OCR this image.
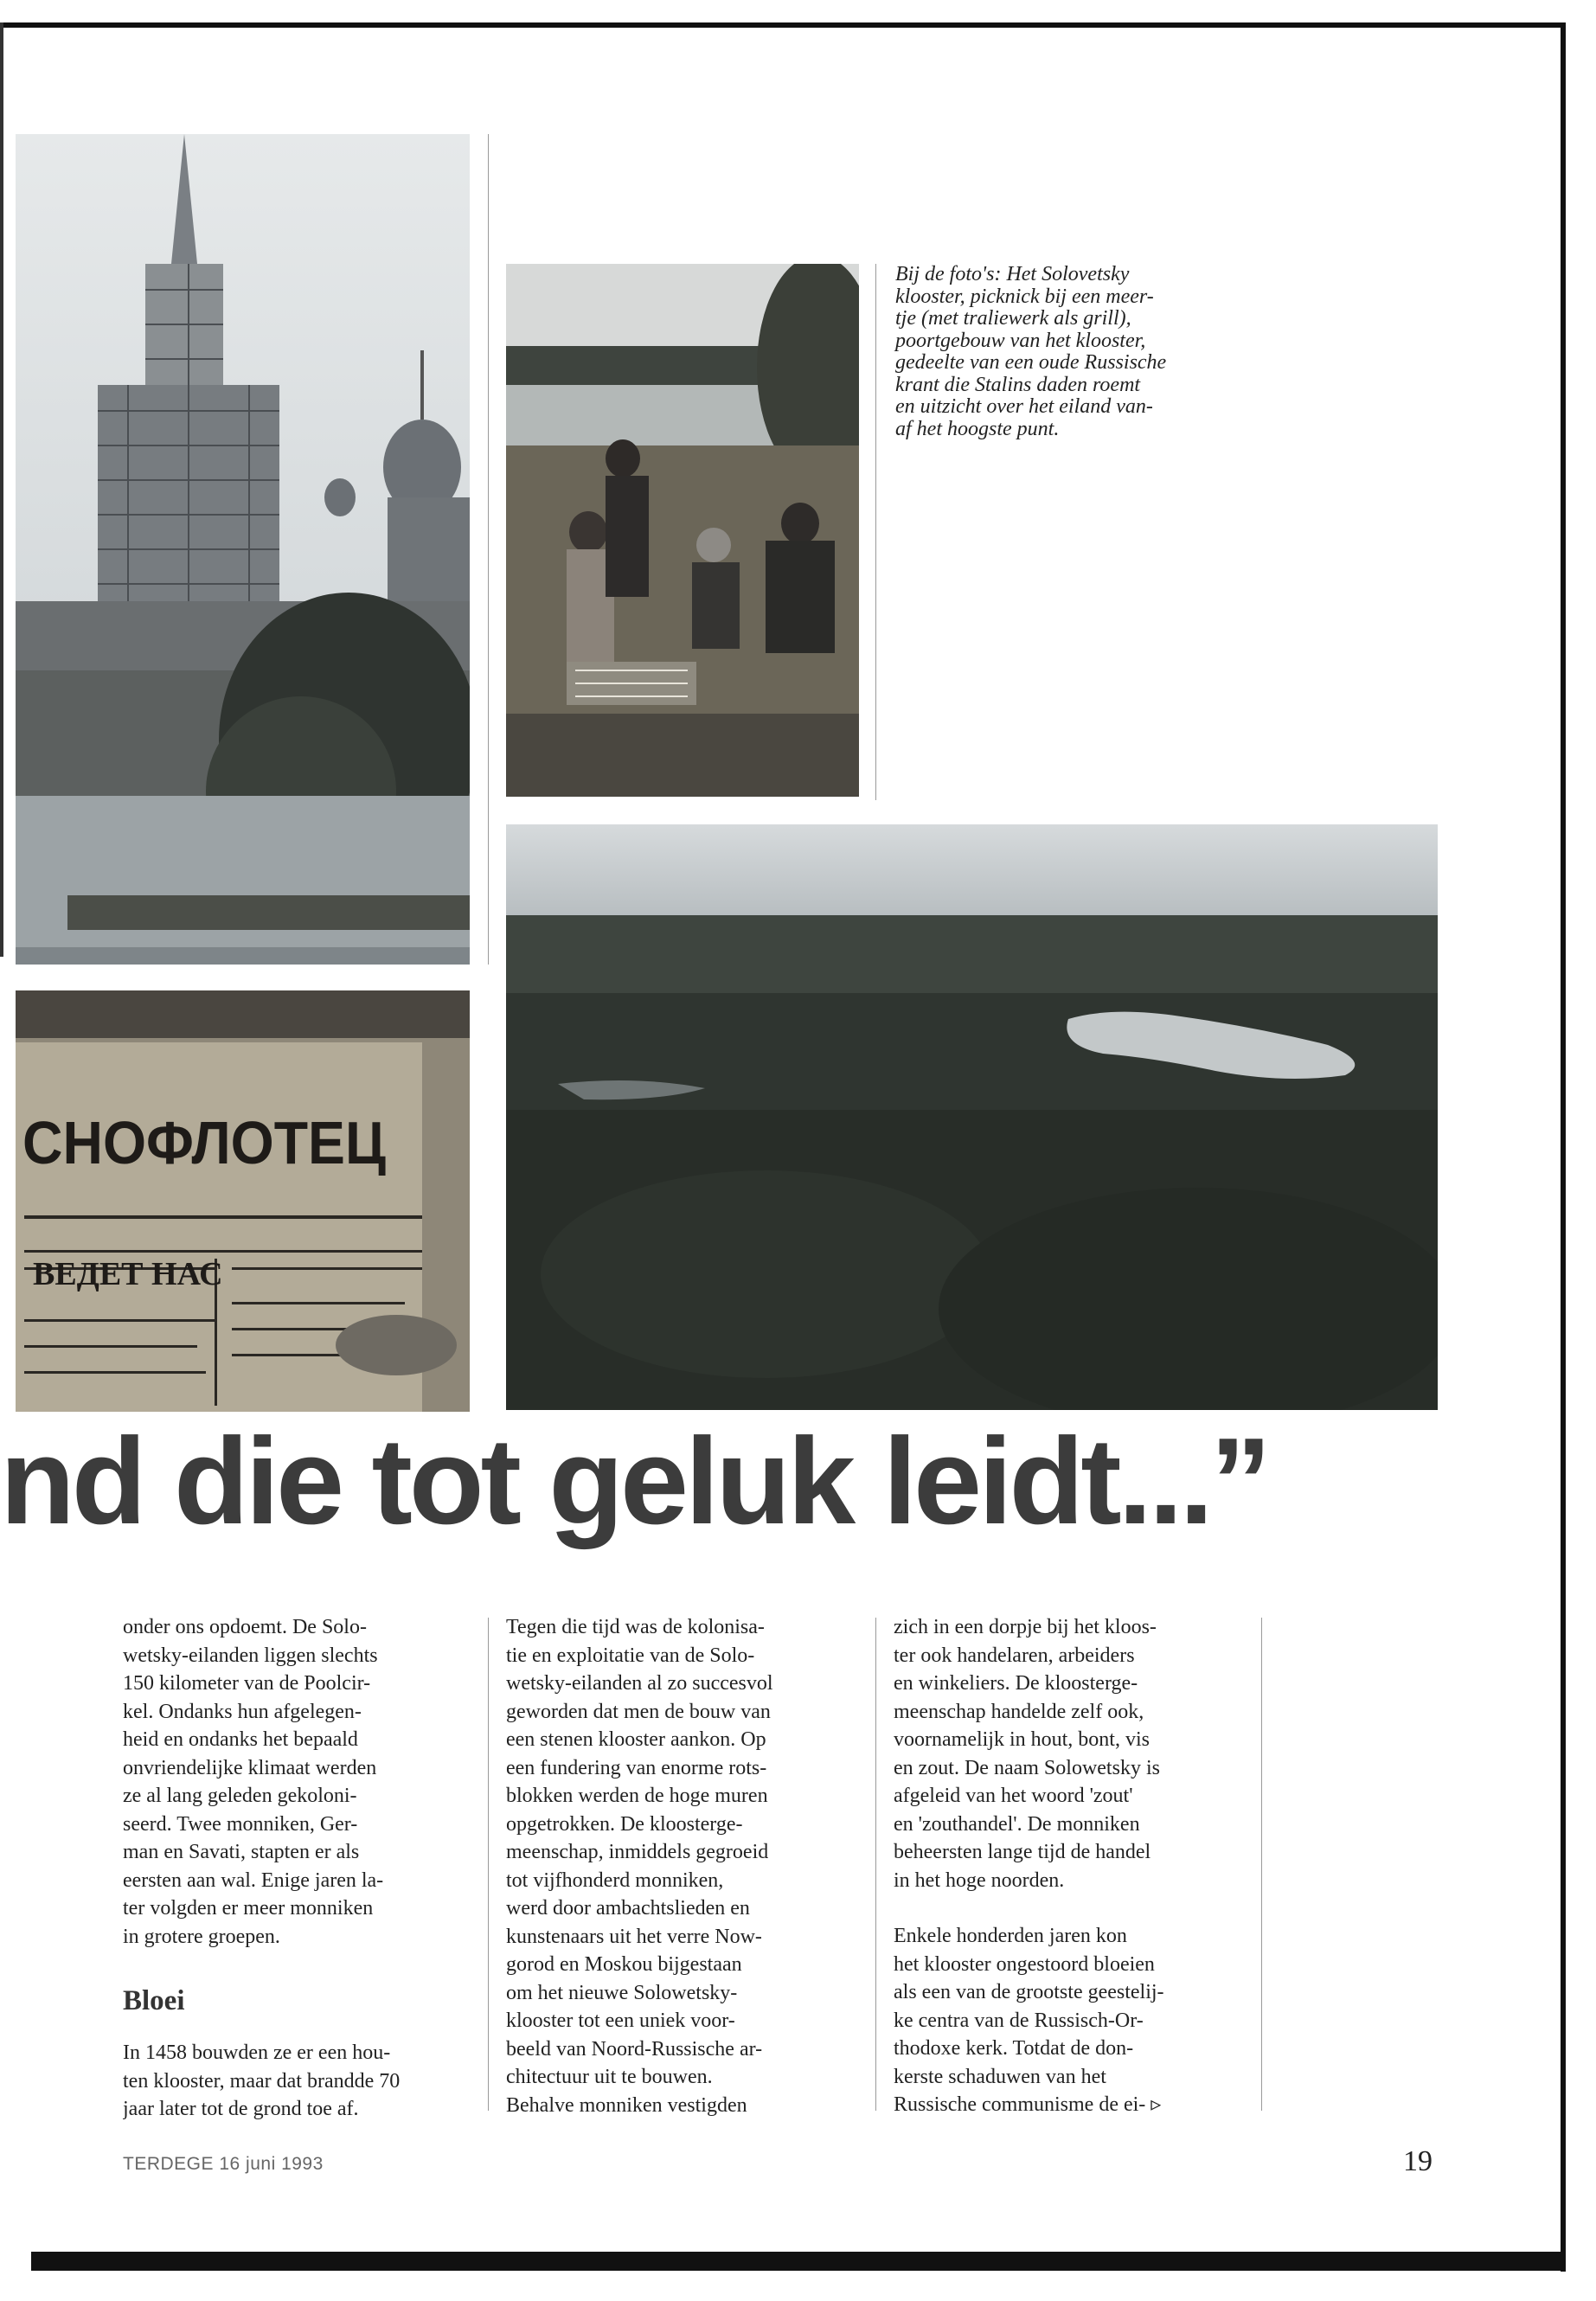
СНОФЛОТЕЦ
ВЕДЕТ НАС

Bij de foto's: Het Solovetsky

klooster, picknick bij een meer-

tje (met traliewerk als grill),

poortgebouw van het klooster,

gedeelte van een oude Russische

krant die Stalins daden roemt

en uitzicht over het eiland van-

af het hoogste punt.

nd die tot geluk leidt...”
onder ons opdoemt. De Solo-
wetsky-eilanden liggen slechts
150 kilometer van de Poolcir-
kel. Ondanks hun afgelegen-
heid en ondanks het bepaald
onvriendelijke klimaat werden
ze al lang geleden gekoloni-
seerd. Twee monniken, Ger-
man en Savati, stapten er als
eersten aan wal. Enige jaren la-
ter volgden er meer monniken
in grotere groepen.
Bloei
In 1458 bouwden ze er een hou-
ten klooster, maar dat brandde 70
jaar later tot de grond toe af.
Tegen die tijd was de kolonisa-
tie en exploitatie van de Solo-
wetsky-eilanden al zo succesvol
geworden dat men de bouw van
een stenen klooster aankon. Op
een fundering van enorme rots-
blokken werden de hoge muren
opgetrokken. De kloosterge-
meenschap, inmiddels gegroeid
tot vijfhonderd monniken,
werd door ambachtslieden en
kunstenaars uit het verre Now-
gorod en Moskou bijgestaan
om het nieuwe Solowetsky-
klooster tot een uniek voor-
beeld van Noord-Russische ar-
chitectuur uit te bouwen.
Behalve monniken vestigden
zich in een dorpje bij het kloos-
ter ook handelaren, arbeiders
en winkeliers. De kloosterge-
meenschap handelde zelf ook,
voornamelijk in hout, bont, vis
en zout. De naam Solowetsky is
afgeleid van het woord 'zout'
en 'zouthandel'. De monniken
beheersten lange tijd de handel
in het hoge noorden.
Enkele honderden jaren kon
het klooster ongestoord bloeien
als een van de grootste geestelij-
ke centra van de Russisch-Or-
thodoxe kerk. Totdat de don-
kerste schaduwen van het
Russische communisme de ei- ▹
TERDEGE 16 juni 1993	19
